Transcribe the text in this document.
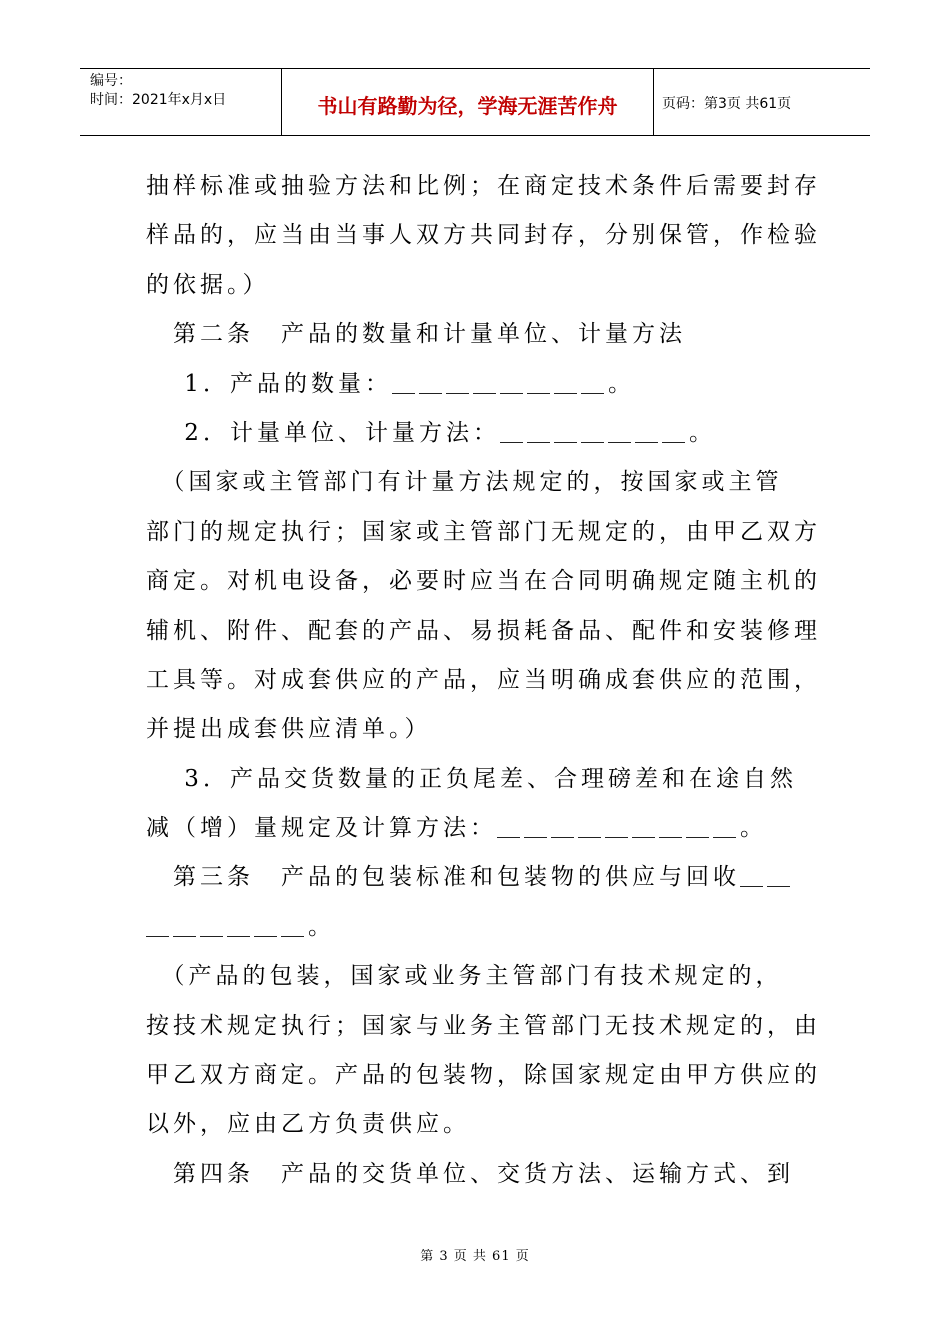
编号：
时间：2021年x月x日	书山有路勤为径，学海无涯苦作舟	页码：第3页 共61页
抽样标准或抽验方法和比例；在商定技术条件后需要封存
样品的，应当由当事人双方共同封存，分别保管，作检验
的依据。）
　第二条　产品的数量和计量单位、计量方法
　 1．产品的数量：＿＿＿＿＿＿＿＿。
　 2．计量单位、计量方法：＿＿＿＿＿＿＿。
　（国家或主管部门有计量方法规定的，按国家或主管
部门的规定执行；国家或主管部门无规定的，由甲乙双方
商定。对机电设备，必要时应当在合同明确规定随主机的
辅机、附件、配套的产品、易损耗备品、配件和安装修理
工具等。对成套供应的产品，应当明确成套供应的范围，
并提出成套供应清单。）
　 3．产品交货数量的正负尾差、合理磅差和在途自然
减（增）量规定及计算方法：＿＿＿＿＿＿＿＿＿。
　第三条　产品的包装标准和包装物的供应与回收＿＿
＿＿＿＿＿＿。
　（产品的包装，国家或业务主管部门有技术规定的，
按技术规定执行；国家与业务主管部门无技术规定的，由
甲乙双方商定。产品的包装物，除国家规定由甲方供应的
以外，应由乙方负责供应。
　第四条　产品的交货单位、交货方法、运输方式、到
第 3 页 共 61 页
